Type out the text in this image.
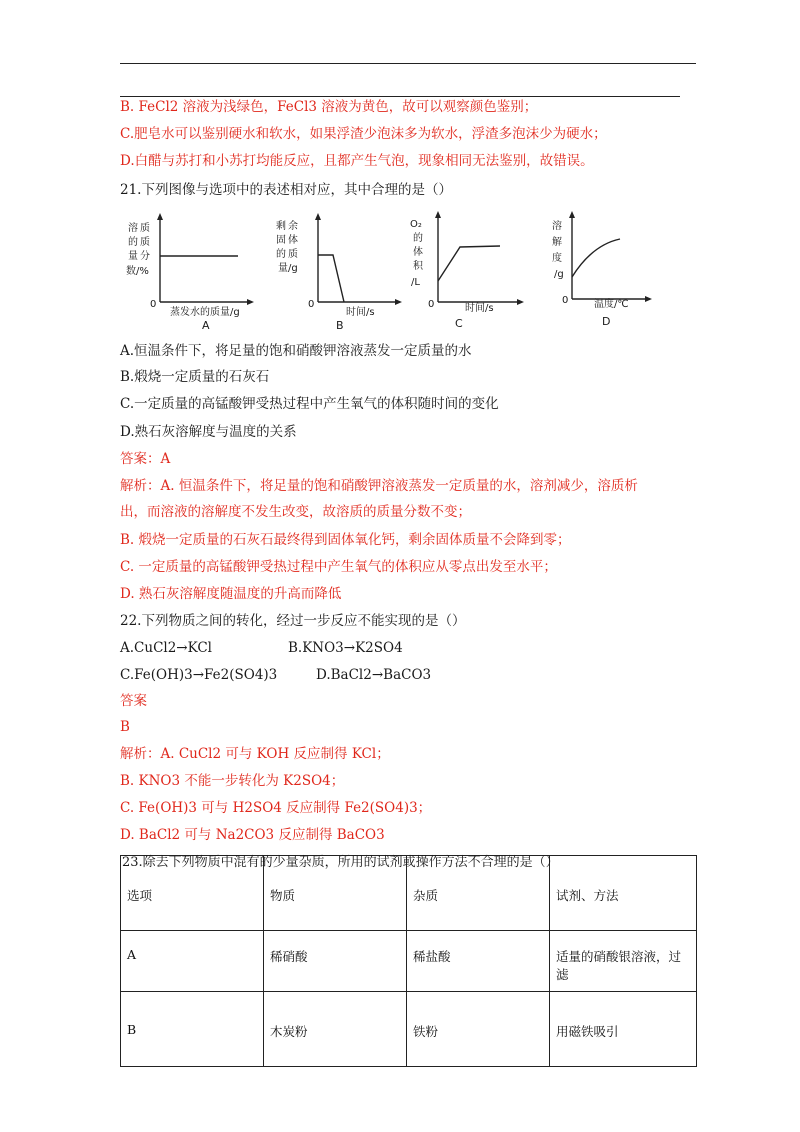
B. FeCl2 溶液为浅绿色，FeCl3 溶液为黄色，故可以观察颜色鉴别；
C.肥皂水可以鉴别硬水和软水，如果浮渣少泡沫多为软水，浮渣多泡沫少为硬水；
D.白醋与苏打和小苏打均能反应，且都产生气泡，现象相同无法鉴别，故错误。
21.下列图像与选项中的表述相对应，其中合理的是（）
溶 质
的 质
量 分
数/%
0
蒸发水的质量/g
A
剩 余
固 体
的 质
量/g
0
时间/s
B
O₂
的
体
积
/L
0	时间/s
C
溶
解
度
/g
0	温度/℃
D
A.恒温条件下，将足量的饱和硝酸钾溶液蒸发一定质量的水
B.煅烧一定质量的石灰石
C.一定质量的高锰酸钾受热过程中产生氧气的体积随时间的变化
D.熟石灰溶解度与温度的关系
答案：A
解析：A. 恒温条件下，将足量的饱和硝酸钾溶液蒸发一定质量的水，溶剂减少，溶质析
出，而溶液的溶解度不发生改变，故溶质的质量分数不变；
B. 煅烧一定质量的石灰石最终得到固体氧化钙，剩余固体质量不会降到零；
C. 一定质量的高锰酸钾受热过程中产生氧气的体积应从零点出发至水平；
D. 熟石灰溶解度随温度的升高而降低
22.下列物质之间的转化，经过一步反应不能实现的是（）
A.CuCl2→KCl	B.KNO3→K2SO4
C.Fe(OH)3→Fe2(SO4)3	D.BaCl2→BaCO3
答案
B
解析：A. CuCl2 可与 KOH 反应制得 KCl；
B. KNO3 不能一步转化为 K2SO4；
C. Fe(OH)3 可与 H2SO4 反应制得 Fe2(SO4)3；
D. BaCl2 可与 Na2CO3 反应制得 BaCO3
选项	物质	杂质	试剂、方法
A	稀硝酸	稀盐酸	适量的硝酸银溶液，过滤
B	木炭粉	铁粉	用磁铁吸引
23.除去下列物质中混有的少量杂质，所用的试剂或操作方法不合理的是（）
